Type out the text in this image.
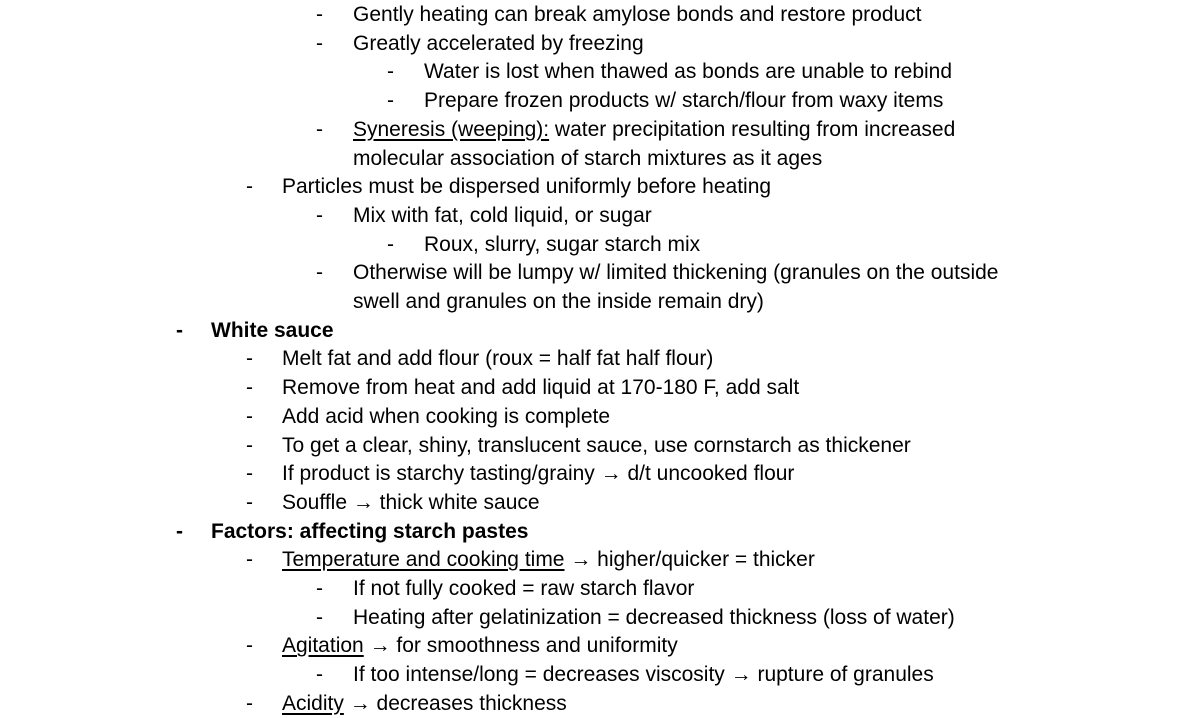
- Gently heating can break amylose bonds and restore product
- Greatly accelerated by freezing
- Water is lost when thawed as bonds are unable to rebind
- Prepare frozen products w/ starch/flour from waxy items
- Syneresis (weeping): water precipitation resulting from increased
molecular association of starch mixtures as it ages
- Particles must be dispersed uniformly before heating
- Mix with fat, cold liquid, or sugar
- Roux, slurry, sugar starch mix
- Otherwise will be lumpy w/ limited thickening (granules on the outside
swell and granules on the inside remain dry)
- White sauce
- Melt fat and add flour (roux = half fat half flour)
- Remove from heat and add liquid at 170-180 F, add salt
- Add acid when cooking is complete
- To get a clear, shiny, translucent sauce, use cornstarch as thickener
- If product is starchy tasting/grainy → d/t uncooked flour
- Souffle → thick white sauce
- Factors: affecting starch pastes
- Temperature and cooking time → higher/quicker = thicker
- If not fully cooked = raw starch flavor
- Heating after gelatinization = decreased thickness (loss of water)
- Agitation → for smoothness and uniformity
- If too intense/long = decreases viscosity → rupture of granules
- Acidity → decreases thickness
